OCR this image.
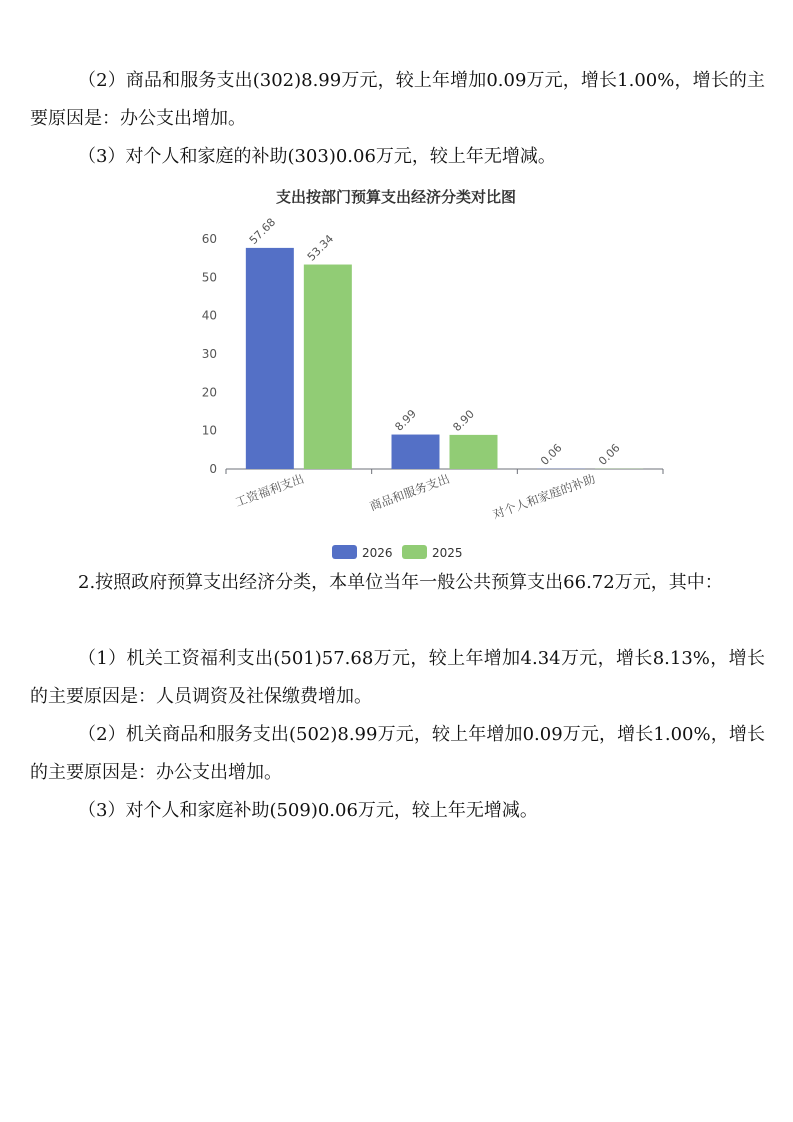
（2）商品和服务支出(302)8.99万元，较上年增加0.09万元，增长1.00%，增长的主要原因是：办公支出增加。

（3）对个人和家庭的补助(303)0.06万元，较上年无增减。

支出按部门预算支出经济分类对比图
0
10
20
30
40
50
60
工资福利支出	商品和服务支出	对个人和家庭的补助
57.68
8.99
0.06
53.34
8.90
0.06
2026	2025

2.按照政府预算支出经济分类，本单位当年一般公共预算支出66.72万元，其中：

（1）机关工资福利支出(501)57.68万元，较上年增加4.34万元，增长8.13%，增长的主要原因是：人员调资及社保缴费增加。

（2）机关商品和服务支出(502)8.99万元，较上年增加0.09万元，增长1.00%，增长的主要原因是：办公支出增加。

（3）对个人和家庭补助(509)0.06万元，较上年无增减。
